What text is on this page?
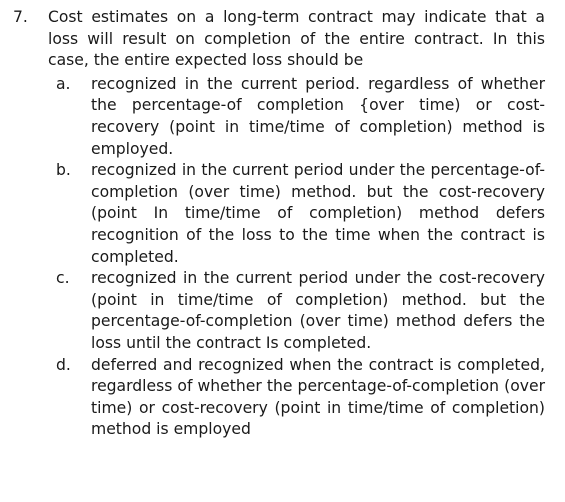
7.	Cost estimates on a long-term contract may indicate that a loss will result on completion of the entire contract. In this case, the entire expected loss should be
a.	recognized in the current period. regardless of whether the percentage-of completion {over time) or cost-recovery (point in time/time of completion) method is employed.
b.	recognized in the current period under the percentage-of-completion (over time) method. but the cost-recovery (point In time/time of completion) method defers recognition of the loss to the time when the contract is completed.
c.	recognized in the current period under the cost-recovery (point in time/time of completion) method. but the percentage-of-completion (over time) method defers the loss until the contract Is completed.
d.	deferred and recognized when the contract is completed, regardless of whether the percentage-of-completion (over time) or cost-recovery (point in time/time of completion) method is employed
